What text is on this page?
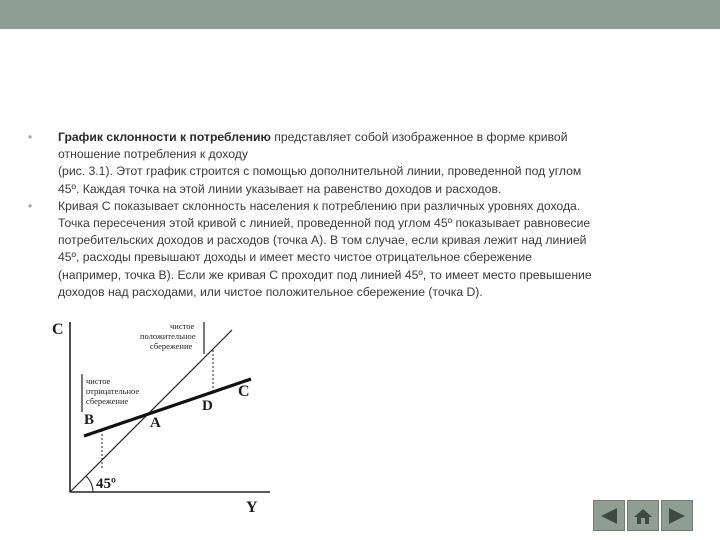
• График склонности к потреблению представляет собой изображенное в форме кривой
отношение потребления к доходу
(рис. 3.1). Этот график строится с помощью дополнительной линии, проведенной под углом
45º. Каждая точка на этой линии указывает на равенство доходов и расходов.
• Кривая C показывает склонность населения к потреблению при различных уровнях дохода.
Точка пересечения этой кривой с линией, проведенной под углом 45º показывает равновесие
потребительских доходов и расходов (точка А). В том случае, если кривая лежит над линией
45º, расходы превышают доходы и имеет место чистое отрицательное сбережение
(например, точка B). Если же кривая C проходит под линией 45º, то имеет место превышение
доходов над расходами, или чистое положительное сбережение (точка D).
C
Y
C
45º
A
B
D
чистое
положительное
сбережение
чистое
отрицательное
сбережение
